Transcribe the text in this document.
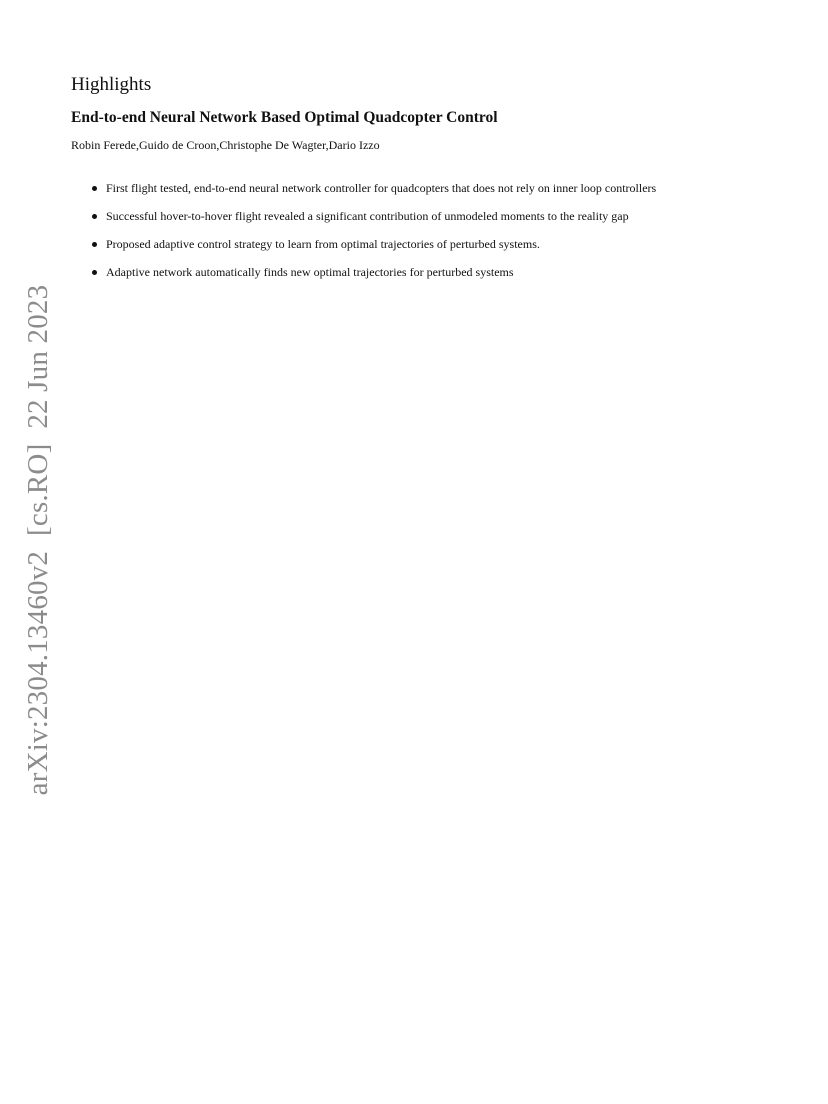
Highlights
End-to-end Neural Network Based Optimal Quadcopter Control

Robin Ferede,Guido de Croon,Christophe De Wagter,Dario Izzo

First flight tested, end-to-end neural network controller for quadcopters that does not rely on inner loop controllers
Successful hover-to-hover flight revealed a significant contribution of unmodeled moments to the reality gap
Proposed adaptive control strategy to learn from optimal trajectories of perturbed systems.
Adaptive network automatically finds new optimal trajectories for perturbed systems
arXiv:2304.13460v2  [cs.RO]  22 Jun 2023
